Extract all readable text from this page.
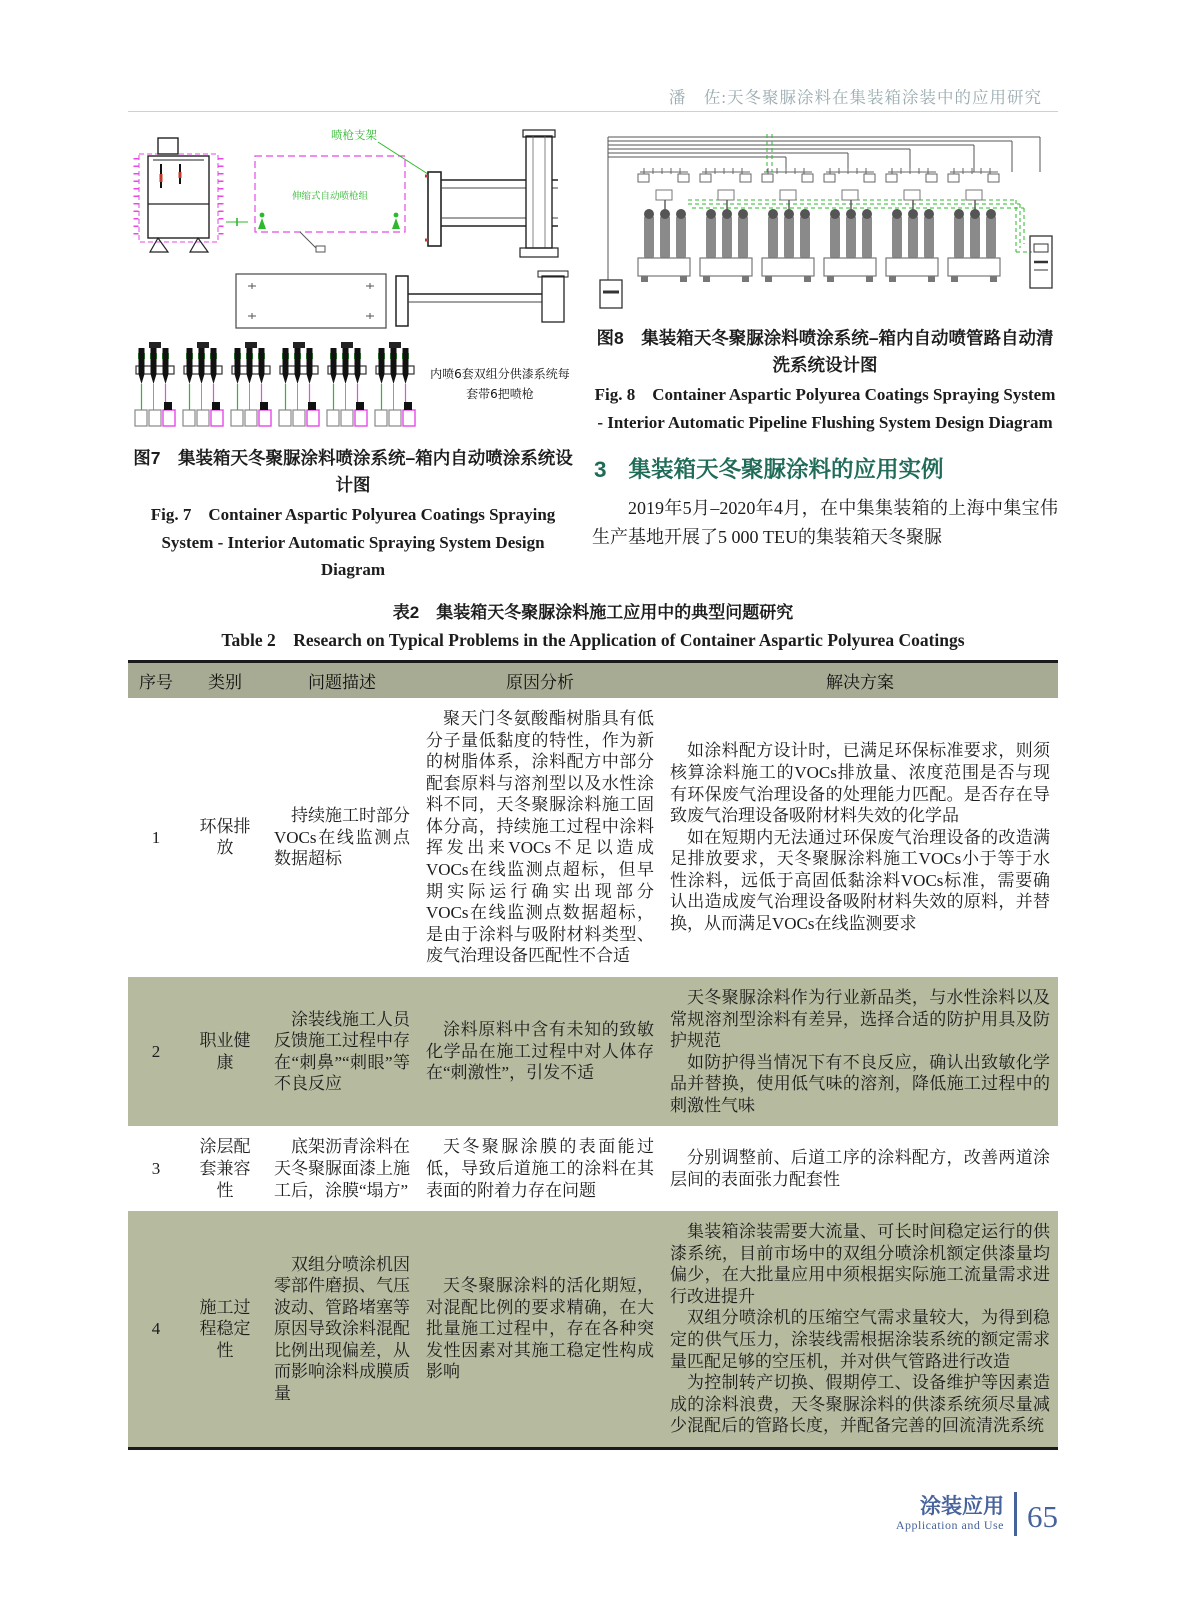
潘　佐:天冬聚脲涂料在集装箱涂装中的应用研究
伸缩式自动喷枪组
喷枪支架
内喷6套双组分供漆系统每
套带6把喷枪
图7　集装箱天冬聚脲涂料喷涂系统–箱内自动喷涂系统设计图
Fig. 7　Container Aspartic Polyurea Coatings Spraying System - Interior Automatic Spraying System Design Diagram
图8　集装箱天冬聚脲涂料喷涂系统–箱内自动喷管路自动清洗系统设计图
Fig. 8　Container Aspartic Polyurea Coatings Spraying System - Interior Automatic Pipeline Flushing System Design Diagram
3 集装箱天冬聚脲涂料的应用实例

2019年5月–2020年4月，在中集集装箱的上海中集宝伟生产基地开展了5 000 TEU的集装箱天冬聚脲

表2　集装箱天冬聚脲涂料施工应用中的典型问题研究
Table 2　Research on Typical Problems in the Application of Container Aspartic Polyurea Coatings
序号	类别	问题描述	原因分析	解决方案

1	环保排放	持续施工时部分VOCs在线监测点数据超标	聚天门冬氨酸酯树脂具有低分子量低黏度的特性，作为新的树脂体系，涂料配方中部分配套原料与溶剂型以及水性涂料不同，天冬聚脲涂料施工固体分高，持续施工过程中涂料挥发出来VOCs不足以造成VOCs在线监测点超标，但早期实际运行确实出现部分VOCs在线监测点数据超标，是由于涂料与吸附材料类型、废气治理设备匹配性不合适	如涂料配方设计时，已满足环保标准要求，则须核算涂料施工的VOCs排放量、浓度范围是否与现有环保废气治理设备的处理能力匹配。是否存在导致废气治理设备吸附材料失效的化学品

如在短期内无法通过环保废气治理设备的改造满足排放要求，天冬聚脲涂料施工VOCs小于等于水性涂料，远低于高固低黏涂料VOCs标准，需要确认出造成废气治理设备吸附材料失效的原料，并替换，从而满足VOCs在线监测要求

2	职业健康	涂装线施工人员反馈施工过程中存在“刺鼻”“刺眼”等不良反应	涂料原料中含有未知的致敏化学品在施工过程中对人体存在“刺激性”，引发不适	天冬聚脲涂料作为行业新品类，与水性涂料以及常规溶剂型涂料有差异，选择合适的防护用具及防护规范

如防护得当情况下有不良反应，确认出致敏化学品并替换，使用低气味的溶剂，降低施工过程中的刺激性气味

3	涂层配套兼容性	底架沥青涂料在天冬聚脲面漆上施工后，涂膜“塌方”	天冬聚脲涂膜的表面能过低，导致后道施工的涂料在其表面的附着力存在问题	分别调整前、后道工序的涂料配方，改善两道涂层间的表面张力配套性

4	施工过程稳定性	双组分喷涂机因零部件磨损、气压波动、管路堵塞等原因导致涂料混配比例出现偏差，从而影响涂料成膜质量	天冬聚脲涂料的活化期短，对混配比例的要求精确，在大批量施工过程中，存在各种突发性因素对其施工稳定性构成影响	集装箱涂装需要大流量、可长时间稳定运行的供漆系统，目前市场中的双组分喷涂机额定供漆量均偏少，在大批量应用中须根据实际施工流量需求进行改进提升

双组分喷涂机的压缩空气需求量较大，为得到稳定的供气压力，涂装线需根据涂装系统的额定需求量匹配足够的空压机，并对供气管路进行改造

为控制转产切换、假期停工、设备维护等因素造成的涂料浪费，天冬聚脲涂料的供漆系统须尽量减少混配后的管路长度，并配备完善的回流清洗系统

涂装应用
Application and Use 65
